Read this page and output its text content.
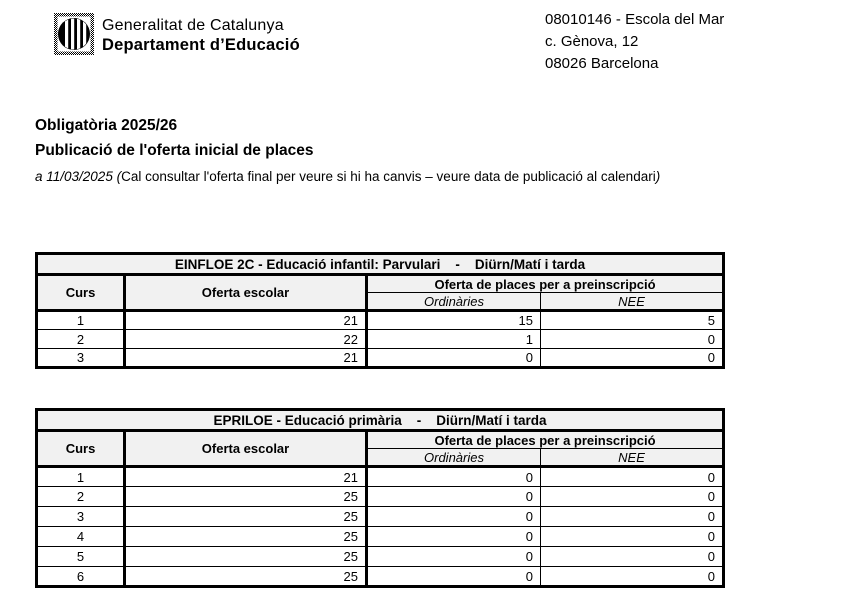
Generalitat de Catalunya
Departament d’Educació
08010146 - Escola del Mar
c. Gènova, 12
08026 Barcelona
Obligatòria 2025/26
Publicació de l'oferta inicial de places
a 11/03/2025 (Cal consultar l'oferta final per veure si hi ha canvis – veure data de publicació al calendari)
EINFLOE 2C - Educació infantil: Parvulari    -    Diürn/Matí i tarda			
Curs	Oferta escolar	Oferta de places per a preinscripció	
		Ordinàries	NEE
1	21	15	5
2	22	1	0
3	21	0	0
EPRILOE - Educació primària    -    Diürn/Matí i tarda			
Curs	Oferta escolar	Oferta de places per a preinscripció	
		Ordinàries	NEE
1	21	0	0
2	25	0	0
3	25	0	0
4	25	0	0
5	25	0	0
6	25	0	0
